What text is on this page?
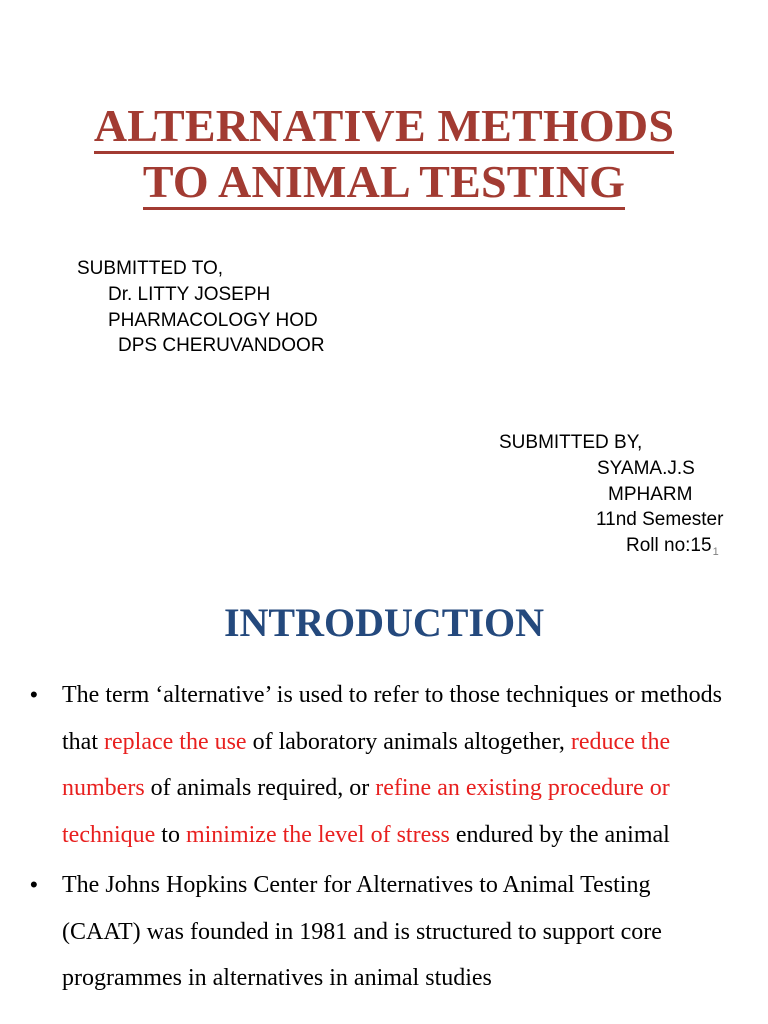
ALTERNATIVE METHODS
TO ANIMAL TESTING
SUBMITTED TO,
Dr. LITTY JOSEPH
PHARMACOLOGY HOD
DPS CHERUVANDOOR
SUBMITTED BY,
SYAMA.J.S
MPHARM
11nd Semester
Roll $no:15_1$
INTRODUCTION
•	The term ‘alternative’ is used to refer to those techniques or methods that replace the use of laboratory animals altogether, reduce the numbers of animals required, or refine an existing procedure or technique to minimize the level of stress endured by the animal
•	The Johns Hopkins Center for Alternatives to Animal Testing (CAAT) was founded in 1981 and is structured to support core programmes in alternatives in animal studies
